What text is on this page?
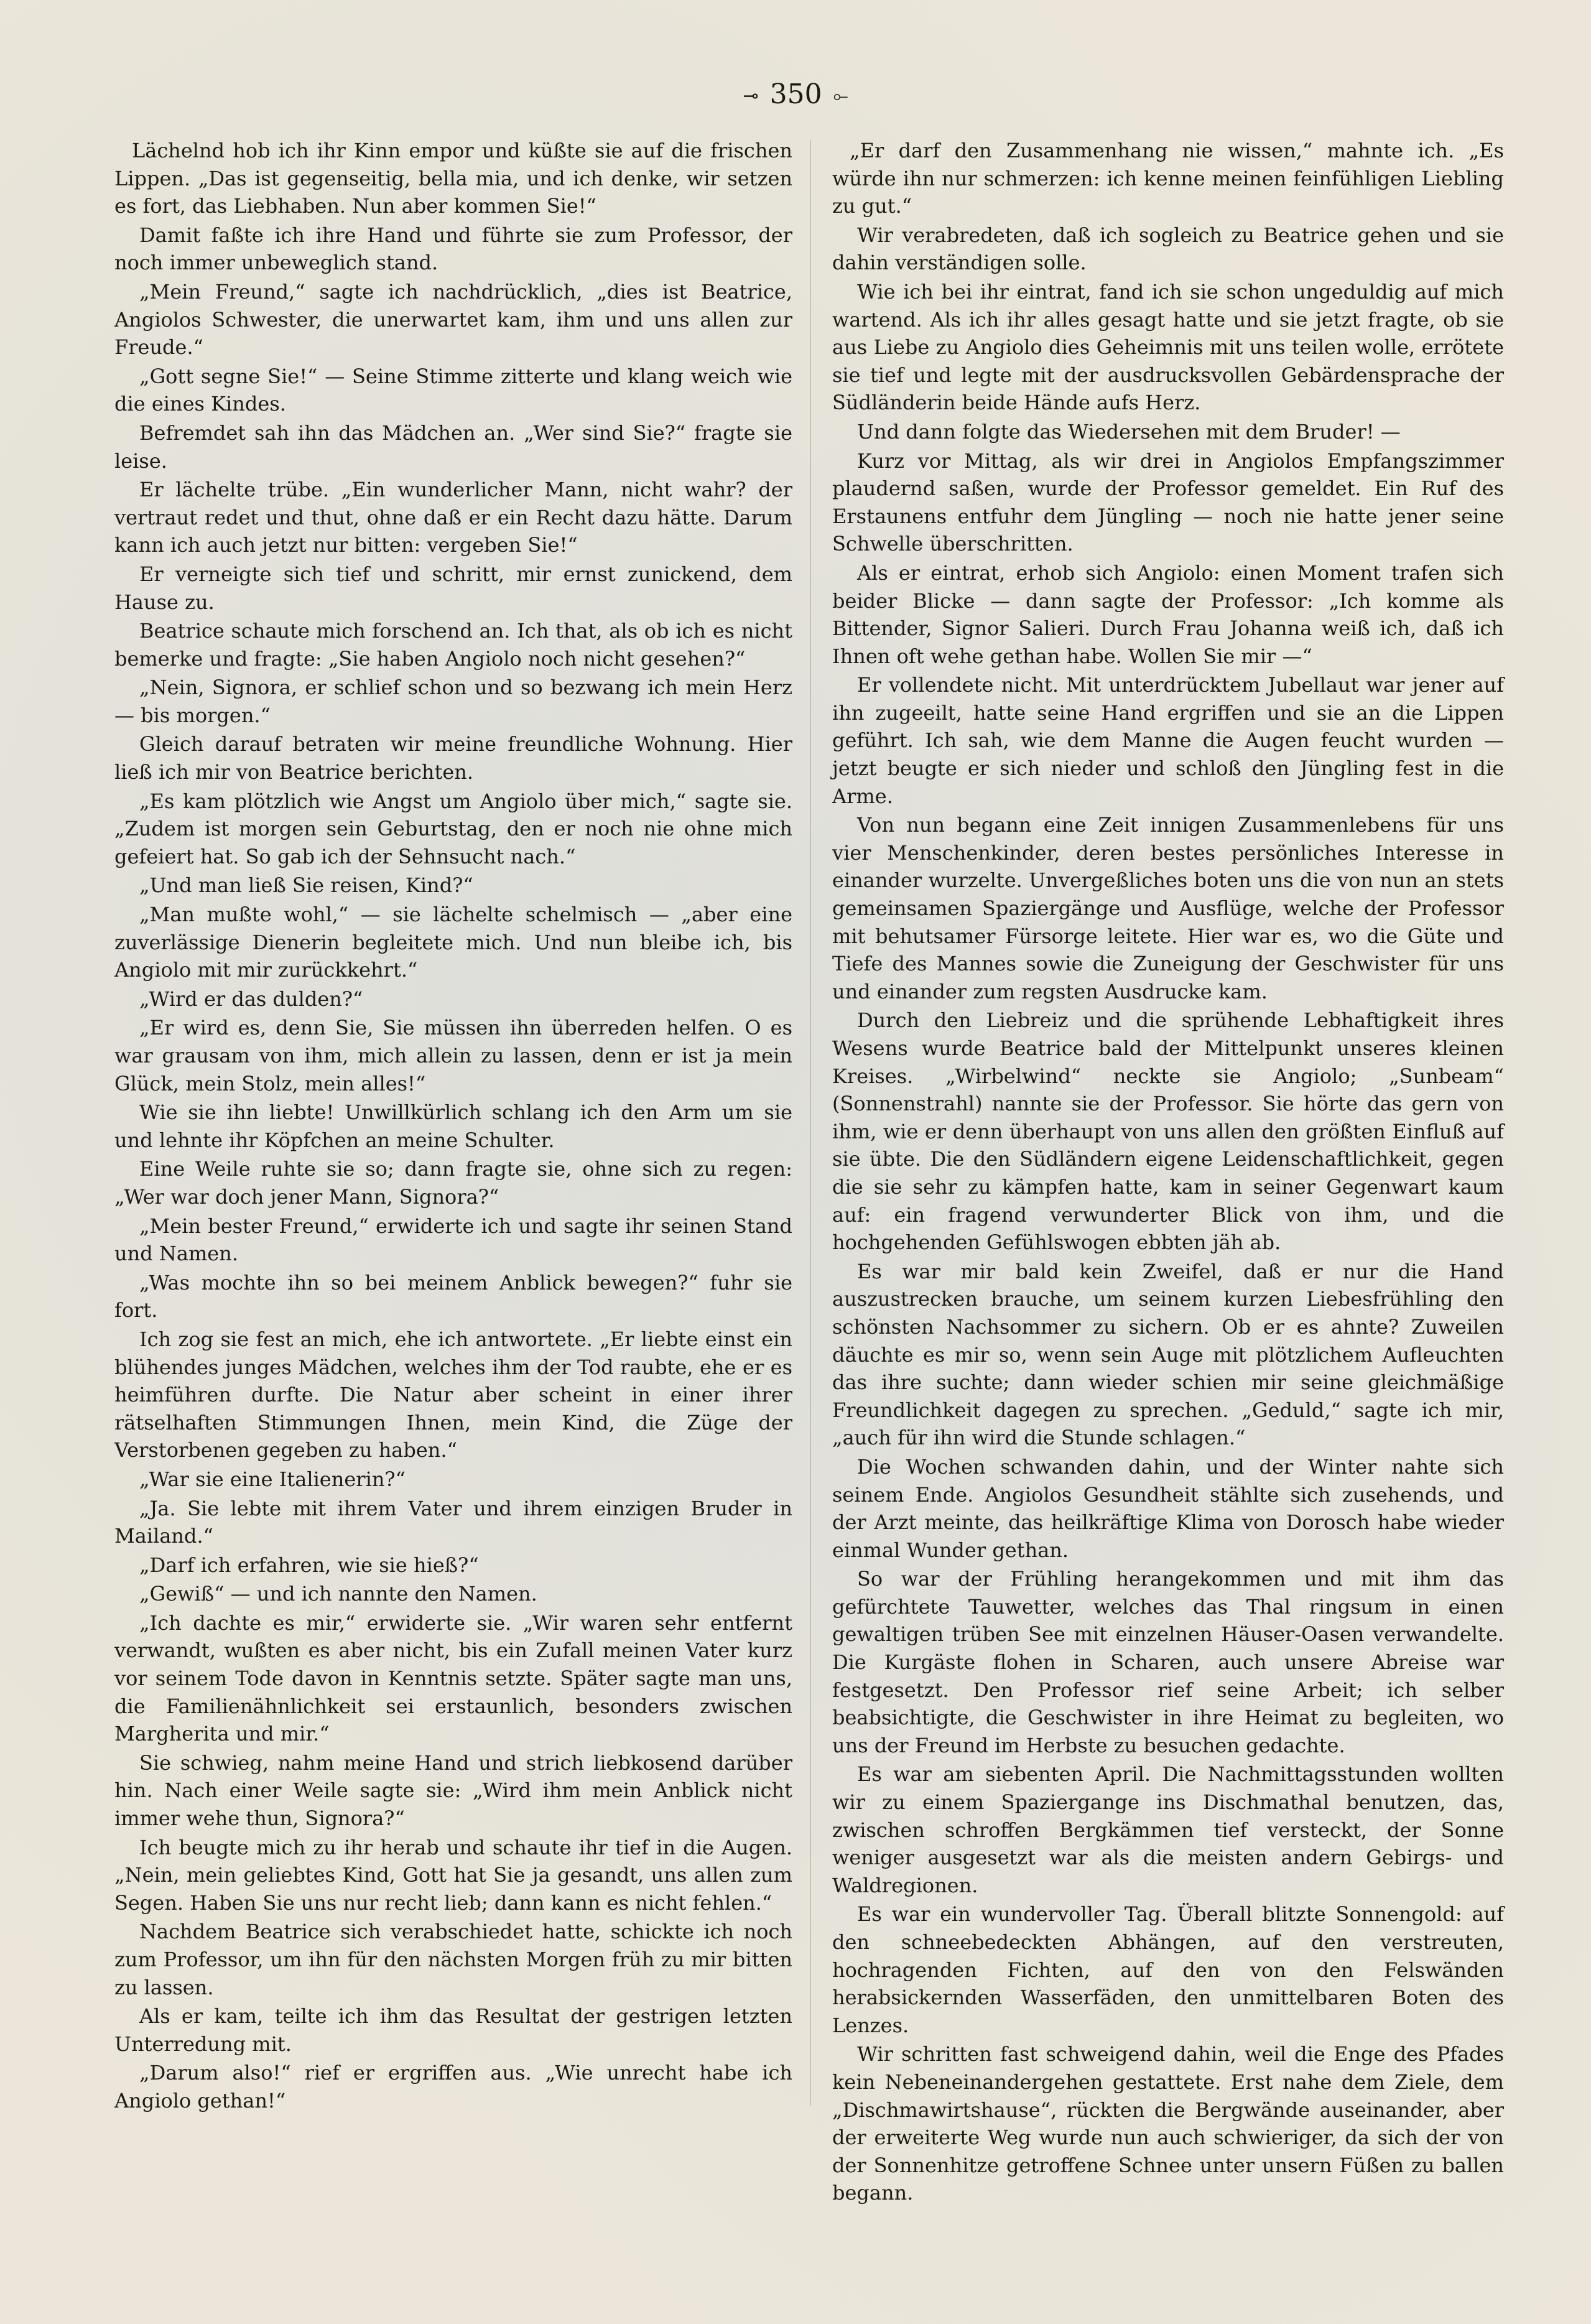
⊸ 350 ⟜

Lächelnd hob ich ihr Kinn empor und küßte sie auf die frischen Lippen. „Das ist gegenseitig, bella mia, und ich denke, wir setzen es fort, das Liebhaben. Nun aber kommen Sie!“

Damit faßte ich ihre Hand und führte sie zum Professor, der noch immer unbeweglich stand.

„Mein Freund,“ sagte ich nachdrücklich, „dies ist Beatrice, Angiolos Schwester, die unerwartet kam, ihm und uns allen zur Freude.“

„Gott segne Sie!“ — Seine Stimme zitterte und klang weich wie die eines Kindes.

Befremdet sah ihn das Mädchen an. „Wer sind Sie?“ fragte sie leise.

Er lächelte trübe. „Ein wunderlicher Mann, nicht wahr? der vertraut redet und thut, ohne daß er ein Recht dazu hätte. Darum kann ich auch jetzt nur bitten: vergeben Sie!“

Er verneigte sich tief und schritt, mir ernst zunickend, dem Hause zu.

Beatrice schaute mich forschend an. Ich that, als ob ich es nicht bemerke und fragte: „Sie haben Angiolo noch nicht gesehen?“

„Nein, Signora, er schlief schon und so bezwang ich mein Herz — bis morgen.“

Gleich darauf betraten wir meine freundliche Wohnung. Hier ließ ich mir von Beatrice berichten.

„Es kam plötzlich wie Angst um Angiolo über mich,“ sagte sie. „Zudem ist morgen sein Geburtstag, den er noch nie ohne mich gefeiert hat. So gab ich der Sehnsucht nach.“

„Und man ließ Sie reisen, Kind?“

„Man mußte wohl,“ — sie lächelte schelmisch — „aber eine zuverlässige Dienerin begleitete mich. Und nun bleibe ich, bis Angiolo mit mir zurückkehrt.“

„Wird er das dulden?“

„Er wird es, denn Sie, Sie müssen ihn überreden helfen. O es war grausam von ihm, mich allein zu lassen, denn er ist ja mein Glück, mein Stolz, mein alles!“

Wie sie ihn liebte! Unwillkürlich schlang ich den Arm um sie und lehnte ihr Köpfchen an meine Schulter.

Eine Weile ruhte sie so; dann fragte sie, ohne sich zu regen: „Wer war doch jener Mann, Signora?“

„Mein bester Freund,“ erwiderte ich und sagte ihr seinen Stand und Namen.

„Was mochte ihn so bei meinem Anblick bewegen?“ fuhr sie fort.

Ich zog sie fest an mich, ehe ich antwortete. „Er liebte einst ein blühendes junges Mädchen, welches ihm der Tod raubte, ehe er es heimführen durfte. Die Natur aber scheint in einer ihrer rätselhaften Stimmungen Ihnen, mein Kind, die Züge der Verstorbenen gegeben zu haben.“

„War sie eine Italienerin?“

„Ja. Sie lebte mit ihrem Vater und ihrem einzigen Bruder in Mailand.“

„Darf ich erfahren, wie sie hieß?“

„Gewiß“ — und ich nannte den Namen.

„Ich dachte es mir,“ erwiderte sie. „Wir waren sehr entfernt verwandt, wußten es aber nicht, bis ein Zufall meinen Vater kurz vor seinem Tode davon in Kenntnis setzte. Später sagte man uns, die Familienähnlichkeit sei erstaunlich, besonders zwischen Margherita und mir.“

Sie schwieg, nahm meine Hand und strich liebkosend darüber hin. Nach einer Weile sagte sie: „Wird ihm mein Anblick nicht immer wehe thun, Signora?“

Ich beugte mich zu ihr herab und schaute ihr tief in die Augen. „Nein, mein geliebtes Kind, Gott hat Sie ja gesandt, uns allen zum Segen. Haben Sie uns nur recht lieb; dann kann es nicht fehlen.“

Nachdem Beatrice sich verabschiedet hatte, schickte ich noch zum Professor, um ihn für den nächsten Morgen früh zu mir bitten zu lassen.

Als er kam, teilte ich ihm das Resultat der gestrigen letzten Unterredung mit.

„Darum also!“ rief er ergriffen aus. „Wie unrecht habe ich Angiolo gethan!“

„Er darf den Zusammenhang nie wissen,“ mahnte ich. „Es würde ihn nur schmerzen: ich kenne meinen feinfühligen Liebling zu gut.“

Wir verabredeten, daß ich sogleich zu Beatrice gehen und sie dahin verständigen solle.

Wie ich bei ihr eintrat, fand ich sie schon ungeduldig auf mich wartend. Als ich ihr alles gesagt hatte und sie jetzt fragte, ob sie aus Liebe zu Angiolo dies Geheimnis mit uns teilen wolle, errötete sie tief und legte mit der ausdrucksvollen Gebärdensprache der Südländerin beide Hände aufs Herz.

Und dann folgte das Wiedersehen mit dem Bruder! —

Kurz vor Mittag, als wir drei in Angiolos Empfangszimmer plaudernd saßen, wurde der Professor gemeldet. Ein Ruf des Erstaunens entfuhr dem Jüngling — noch nie hatte jener seine Schwelle überschritten.

Als er eintrat, erhob sich Angiolo: einen Moment trafen sich beider Blicke — dann sagte der Professor: „Ich komme als Bittender, Signor Salieri. Durch Frau Johanna weiß ich, daß ich Ihnen oft wehe gethan habe. Wollen Sie mir —“

Er vollendete nicht. Mit unterdrücktem Jubellaut war jener auf ihn zugeeilt, hatte seine Hand ergriffen und sie an die Lippen geführt. Ich sah, wie dem Manne die Augen feucht wurden — jetzt beugte er sich nieder und schloß den Jüngling fest in die Arme.

Von nun begann eine Zeit innigen Zusammenlebens für uns vier Menschenkinder, deren bestes persönliches Interesse in einander wurzelte. Unvergeßliches boten uns die von nun an stets gemeinsamen Spaziergänge und Ausflüge, welche der Professor mit behutsamer Fürsorge leitete. Hier war es, wo die Güte und Tiefe des Mannes sowie die Zuneigung der Geschwister für uns und einander zum regsten Ausdrucke kam.

Durch den Liebreiz und die sprühende Lebhaftigkeit ihres Wesens wurde Beatrice bald der Mittelpunkt unseres kleinen Kreises. „Wirbelwind“ neckte sie Angiolo; „Sunbeam“ (Sonnenstrahl) nannte sie der Professor. Sie hörte das gern von ihm, wie er denn überhaupt von uns allen den größten Einfluß auf sie übte. Die den Südländern eigene Leidenschaftlichkeit, gegen die sie sehr zu kämpfen hatte, kam in seiner Gegenwart kaum auf: ein fragend verwunderter Blick von ihm, und die hochgehenden Gefühlswogen ebbten jäh ab.

Es war mir bald kein Zweifel, daß er nur die Hand auszustrecken brauche, um seinem kurzen Liebesfrühling den schönsten Nachsommer zu sichern. Ob er es ahnte? Zuweilen däuchte es mir so, wenn sein Auge mit plötzlichem Aufleuchten das ihre suchte; dann wieder schien mir seine gleichmäßige Freundlichkeit dagegen zu sprechen. „Geduld,“ sagte ich mir, „auch für ihn wird die Stunde schlagen.“

Die Wochen schwanden dahin, und der Winter nahte sich seinem Ende. Angiolos Gesundheit stählte sich zusehends, und der Arzt meinte, das heilkräftige Klima von Dorosch habe wieder einmal Wunder gethan.

So war der Frühling herangekommen und mit ihm das gefürchtete Tauwetter, welches das Thal ringsum in einen gewaltigen trüben See mit einzelnen Häuser-Oasen verwandelte. Die Kurgäste flohen in Scharen, auch unsere Abreise war festgesetzt. Den Professor rief seine Arbeit; ich selber beabsichtigte, die Geschwister in ihre Heimat zu begleiten, wo uns der Freund im Herbste zu besuchen gedachte.

Es war am siebenten April. Die Nachmittagsstunden wollten wir zu einem Spaziergange ins Dischmathal benutzen, das, zwischen schroffen Bergkämmen tief versteckt, der Sonne weniger ausgesetzt war als die meisten andern Gebirgs- und Waldregionen.

Es war ein wundervoller Tag. Überall blitzte Sonnengold: auf den schneebedeckten Abhängen, auf den verstreuten, hochragenden Fichten, auf den von den Felswänden herabsickernden Wasserfäden, den unmittelbaren Boten des Lenzes.

Wir schritten fast schweigend dahin, weil die Enge des Pfades kein Nebeneinandergehen gestattete. Erst nahe dem Ziele, dem „Dischmawirtshause“, rückten die Bergwände auseinander, aber der erweiterte Weg wurde nun auch schwieriger, da sich der von der Sonnenhitze getroffene Schnee unter unsern Füßen zu ballen begann.
